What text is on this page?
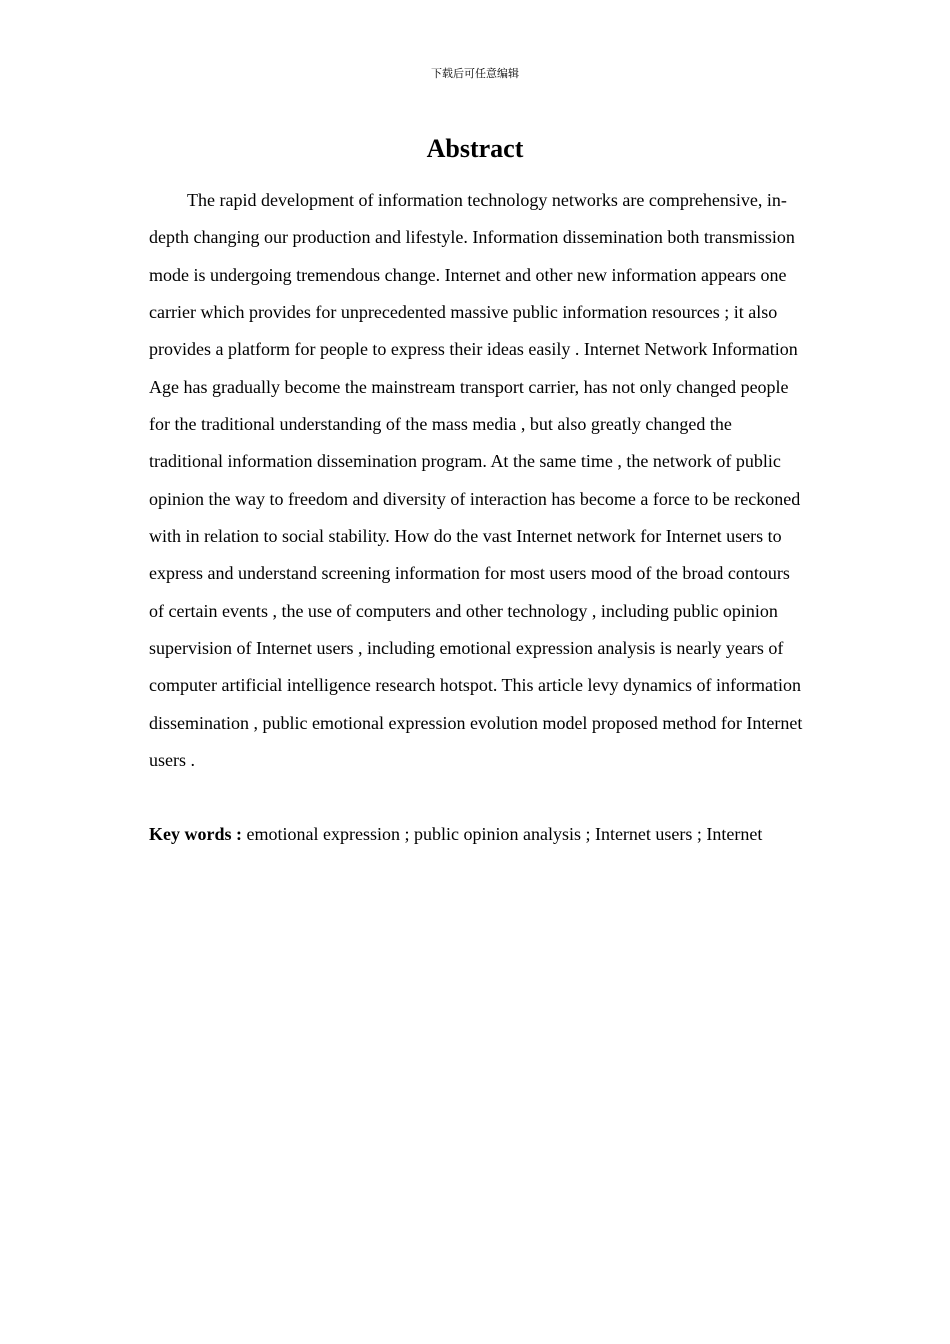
下载后可任意编辑
Abstract

The rapid development of information technology networks are comprehensive, in-depth changing our production and lifestyle. Information dissemination both transmission mode is undergoing tremendous change. Internet and other new information appears one carrier which provides for unprecedented massive public information resources ; it also provides a platform for people to express their ideas easily . Internet Network Information Age has gradually become the mainstream transport carrier, has not only changed people for the traditional understanding of the mass media , but also greatly changed the traditional information dissemination program. At the same time , the network of public opinion the way to freedom and diversity of interaction has become a force to be reckoned with in relation to social stability. How do the vast Internet network for Internet users to express and understand screening information for most users mood of the broad contours of certain events , the use of computers and other technology , including public opinion supervision of Internet users , including emotional expression analysis is nearly years of computer artificial intelligence research hotspot. This article levy dynamics of information dissemination , public emotional expression evolution model proposed method for Internet users .

Key words : emotional expression ; public opinion analysis ; Internet users ; Internet
